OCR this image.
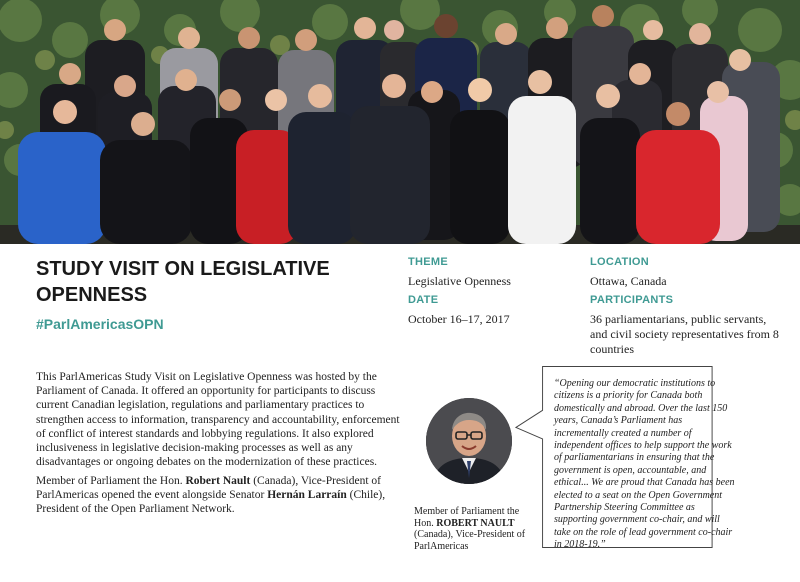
STUDY VISIT ON LEGISLATIVE OPENNESS
#ParlAmericasOPN
THEME
Legislative Openness
DATE
October 16–17, 2017
LOCATION
Ottawa, Canada
PARTICIPANTS
36 parliamentarians, public servants, and civil society representatives from 8 countries

This ParlAmericas Study Visit on Legislative Openness was hosted by the Parliament of Canada. It offered an opportunity for participants to discuss current Canadian legislation, regulations and parliamentary practices to strengthen access to information, transparency and accountability, enforcement of conflict of interest standards and lobbying regulations. It also explored inclusiveness in legislative decision-making processes as well as any disadvantages or ongoing debates on the modernization of these practices.

Member of Parliament the Hon. Robert Nault (Canada), Vice-President of ParlAmericas opened the event alongside Senator Hernán Larraín (Chile), President of the Open Parliament Network.	Member of Parliament the Hon. ROBERT NAULT (Canada), Vice-President of ParlAmericas
“Opening our democratic institutions to citizens is a priority for Canada both domestically and abroad. Over the last 150 years, Canada’s Parliament has incrementally created a number of independent offices to help support the work of parliamentarians in ensuring that the government is open, accountable, and ethical... We are proud that Canada has been elected to a seat on the Open Government Partnership Steering Committee as supporting government co-chair, and will take on the role of lead government co-chair in 2018-19.”
